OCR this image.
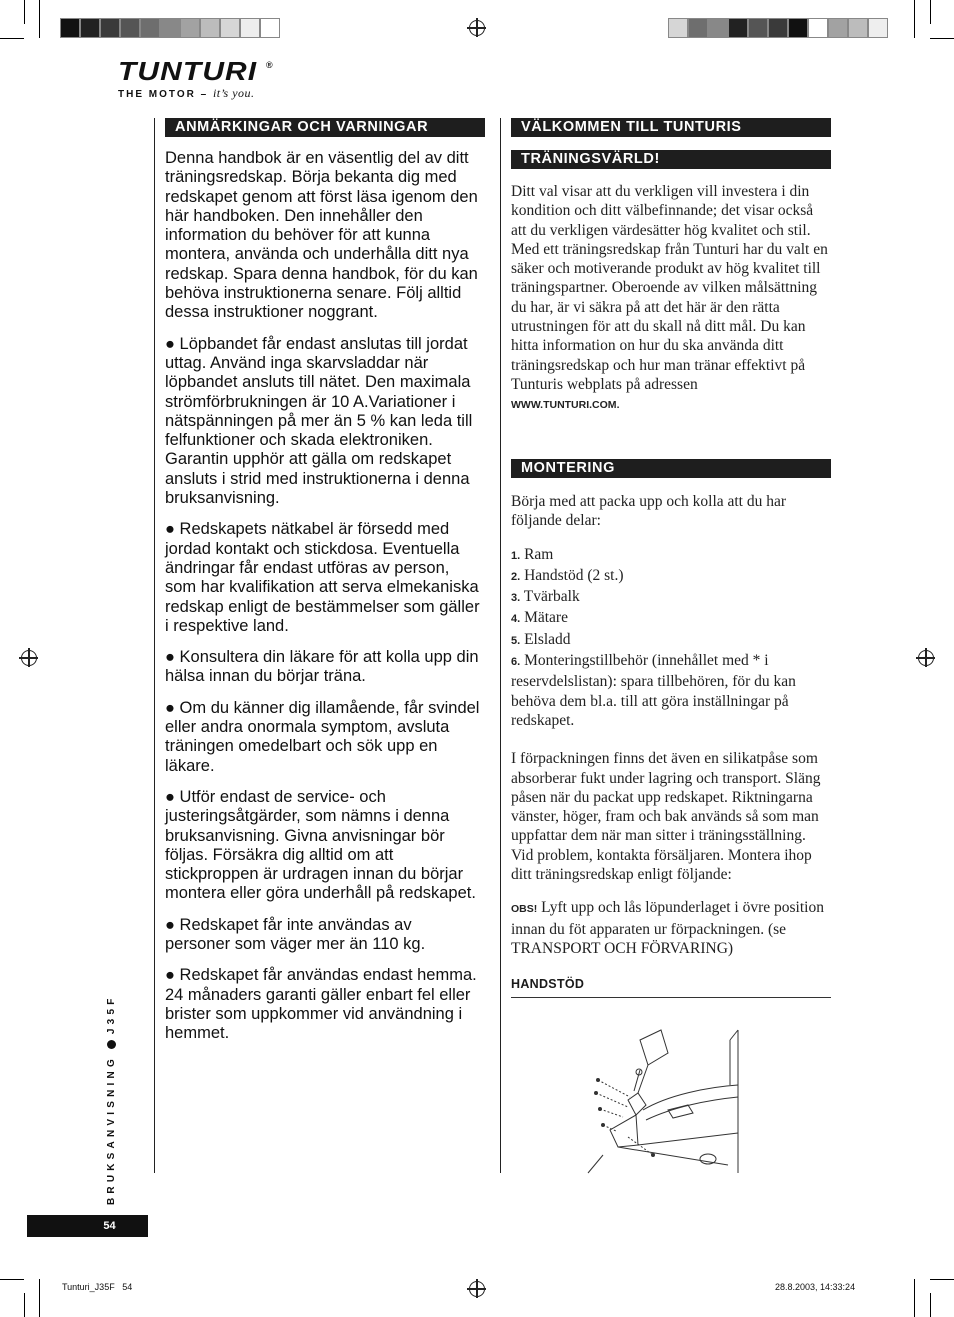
TUNTURI ®
THE MOTOR – it’s you.
ANMÄRKINGAR OCH VARNINGAR

Denna handbok är en väsentlig del av ditt träningsredskap. Börja bekanta dig med redskapet genom att först läsa igenom den här handboken. Den innehåller den information du behöver för att kunna montera, använda och underhålla ditt nya redskap. Spara denna handbok, för du kan behöva instruktionerna senare. Följ alltid dessa instruktioner noggrant.

● Löpbandet får endast anslutas till jordat uttag. Använd inga skarvsladdar när löpbandet ansluts till nätet. Den maximala strömförbrukningen är 10 A.Variationer i nätspänningen på mer än 5 % kan leda till felfunktioner och skada elektroniken. Garantin upphör att gälla om redskapet ansluts i strid med instruktionerna i denna bruksanvisning.

● Redskapets nätkabel är försedd med jordad kontakt och stickdosa. Eventuella ändringar får endast utföras av person, som har kvalifikation att serva elmekaniska redskap enligt de bestämmelser som gäller i respektive land.

● Konsultera din läkare för att kolla upp din hälsa innan du börjar träna.

● Om du känner dig illamående, får svindel eller andra onormala symptom, avsluta träningen omedelbart och sök upp en läkare.

● Utför endast de service- och justeringsåtgärder, som nämns i denna bruksanvisning. Givna anvisningar bör följas. Försäkra dig alltid om att stickproppen är urdragen innan du börjar montera eller göra underhåll på redskapet.

● Redskapet får inte användas av personer som väger mer än 110 kg.

● Redskapet får användas endast hemma. 24 månaders garanti gäller enbart fel eller brister som uppkommer vid användning i hemmet.

VÄLKOMMEN TILL TUNTURIS
TRÄNINGSVÄRLD!

Ditt val visar att du verkligen vill investera i din kondition och ditt välbefinnande; det visar också att du verkligen värdesätter hög kvalitet och stil. Med ett träningsredskap från Tunturi har du valt en säker och motiverande produkt av hög kvalitet till träningspartner. Oberoende av vilken målsättning du har, är vi säkra på att det här är den rätta utrustningen för att du skall nå ditt mål. Du kan hitta information on hur du ska använda ditt träningsredskap och hur man tränar effektivt på Tunturis webplats på adressen
WWW.TUNTURI.COM.

MONTERING

Börja med att packa upp och kolla att du har följande delar:

1. Ram
2. Handstöd (2 st.)
3. Tvärbalk
4. Mätare
5. Elsladd
6. Monteringstillbehör (innehållet med * i reservdelslistan): spara tillbehören, för du kan behöva dem bl.a. till att göra inställningar på redskapet.

I förpackningen finns det även en silikatpåse som absorberar fukt under lagring och transport. Släng påsen när du packat upp redskapet. Riktningarna vänster, höger, fram och bak används så som man uppfattar dem när man sitter i träningsställning. Vid problem, kontakta försäljaren. Montera ihop ditt träningsredskap enligt följande:

OBS! Lyft upp och lås löpunderlaget i övre position innan du föt apparaten ur förpackningen. (se TRANSPORT OCH FÖRVARING)

HANDSTÖD
BRUKSANVISNINGJ35F
54
Tunturi_J35F   54	28.8.2003, 14:33:24
